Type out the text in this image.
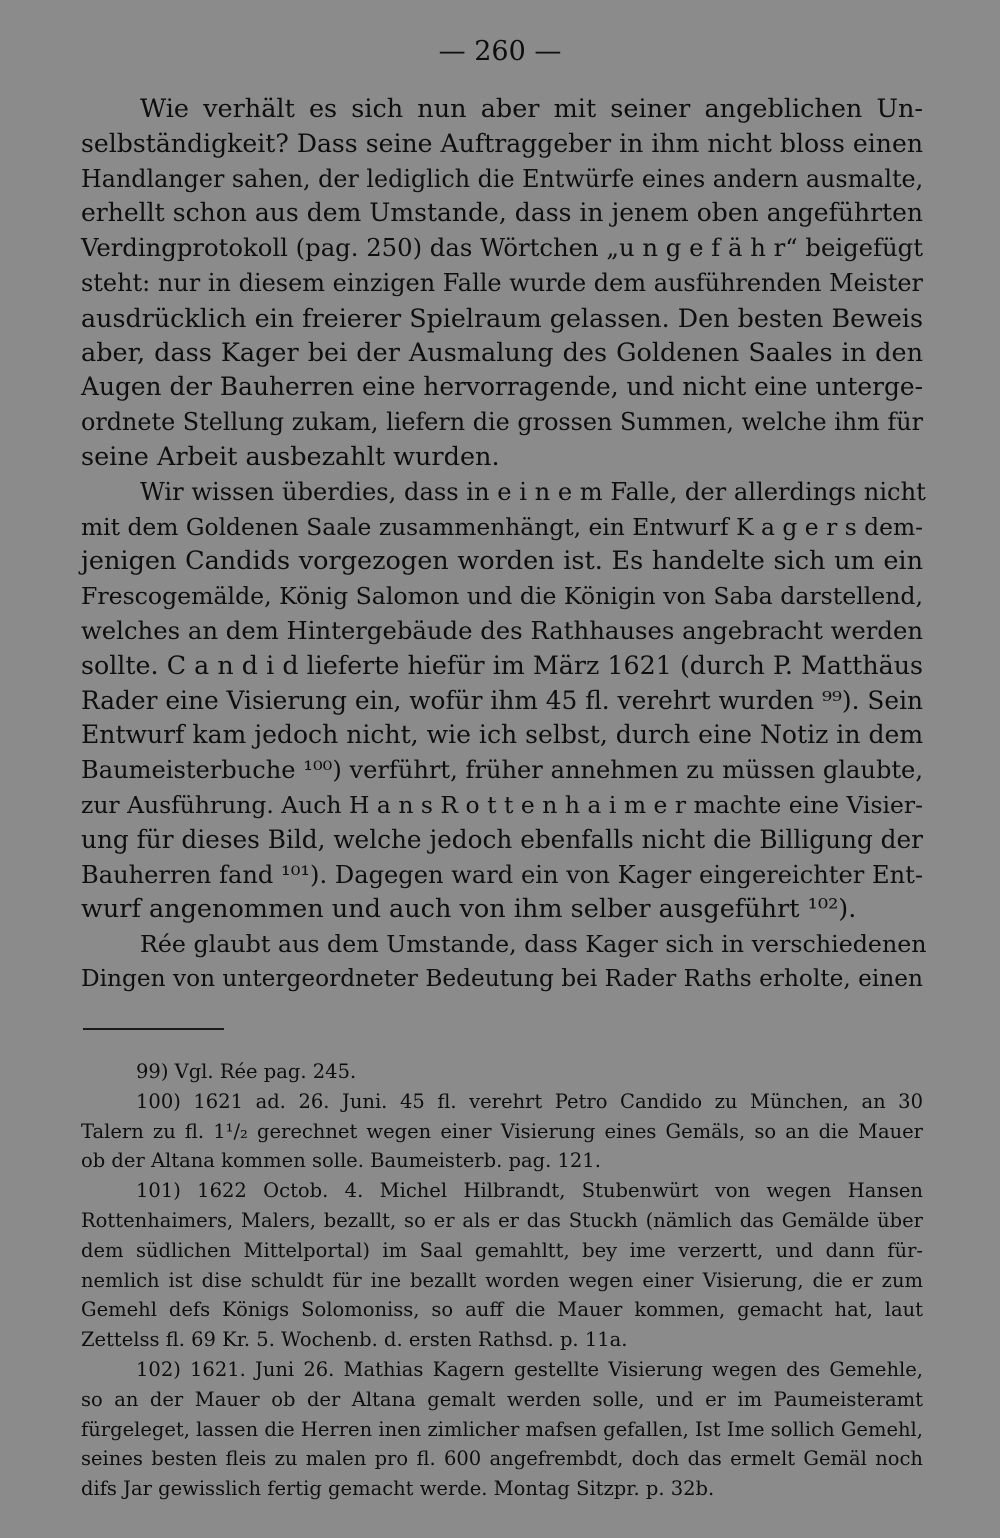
— 260 —
Wie verhält es sich nun aber mit seiner angeblichen Un-
selbständigkeit? Dass seine Auftraggeber in ihm nicht bloss einen
Handlanger sahen, der lediglich die Entwürfe eines andern ausmalte,
erhellt schon aus dem Umstande, dass in jenem oben angeführten
Verdingprotokoll (pag. 250) das Wörtchen „u n g e f ä h r“ beigefügt
steht: nur in diesem einzigen Falle wurde dem ausführenden Meister
ausdrücklich ein freierer Spielraum gelassen. Den besten Beweis
aber, dass Kager bei der Ausmalung des Goldenen Saales in den
Augen der Bauherren eine hervorragende, und nicht eine unterge-
ordnete Stellung zukam, liefern die grossen Summen, welche ihm für
seine Arbeit ausbezahlt wurden.
Wir wissen überdies, dass in e i n e m Falle, der allerdings nicht
mit dem Goldenen Saale zusammenhängt, ein Entwurf K a g e r s dem-
jenigen Candids vorgezogen worden ist. Es handelte sich um ein
Frescogemälde, König Salomon und die Königin von Saba darstellend,
welches an dem Hintergebäude des Rathhauses angebracht werden
sollte. C a n d i d lieferte hiefür im März 1621 (durch P. Matthäus
Rader eine Visierung ein, wofür ihm 45 fl. verehrt wurden ⁹⁹). Sein
Entwurf kam jedoch nicht, wie ich selbst, durch eine Notiz in dem
Baumeisterbuche ¹⁰⁰) verführt, früher annehmen zu müssen glaubte,
zur Ausführung. Auch H a n s R o t t e n h a i m e r machte eine Visier-
ung für dieses Bild, welche jedoch ebenfalls nicht die Billigung der
Bauherren fand ¹⁰¹). Dagegen ward ein von Kager eingereichter Ent-
wurf angenommen und auch von ihm selber ausgeführt ¹⁰²).
Rée glaubt aus dem Umstande, dass Kager sich in verschiedenen
Dingen von untergeordneter Bedeutung bei Rader Raths erholte, einen
99) Vgl. Rée pag. 245.
100) 1621 ad. 26. Juni. 45 fl. verehrt Petro Candido zu München, an 30
Talern zu fl. 1¹/₂ gerechnet wegen einer Visierung eines Gemäls, so an die Mauer
ob der Altana kommen solle. Baumeisterb. pag. 121.
101) 1622 Octob. 4. Michel Hilbrandt, Stubenwürt von wegen Hansen
Rottenhaimers, Malers, bezallt, so er als er das Stuckh (nämlich das Gemälde über
dem südlichen Mittelportal) im Saal gemahltt, bey ime verzertt, und dann für-
nemlich ist dise schuldt für ine bezallt worden wegen einer Visierung, die er zum
Gemehl defs Königs Solomoniss, so auff die Mauer kommen, gemacht hat, laut
Zettelss fl. 69 Kr. 5. Wochenb. d. ersten Rathsd. p. 11a.
102) 1621. Juni 26. Mathias Kagern gestellte Visierung wegen des Gemehle,
so an der Mauer ob der Altana gemalt werden solle, und er im Paumeisteramt
fürgeleget, lassen die Herren inen zimlicher mafsen gefallen, Ist Ime sollich Gemehl,
seines besten fleis zu malen pro fl. 600 angefrembdt, doch das ermelt Gemäl noch
difs Jar gewisslich fertig gemacht werde. Montag Sitzpr. p. 32b.
